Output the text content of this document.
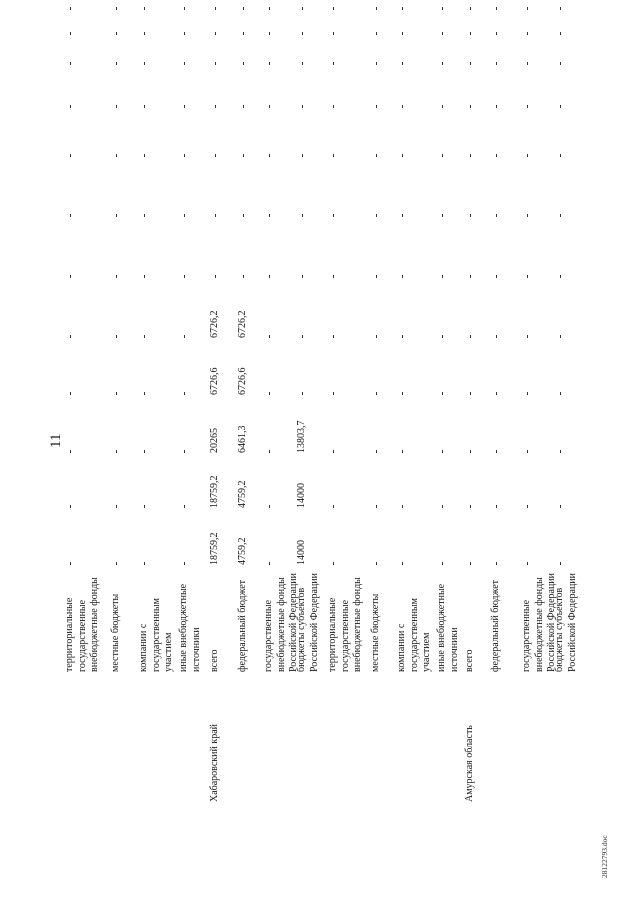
11
28122793.doc
территориальные государственные внебюджетные фонды местные бюджеты компании с государственным участием иные внебюджетные источники
Хабаровский край
всего
18759,2
18759,2
20265
6726,6
6726,2
федеральный бюджет
4759,2
4759,2
6461,3
6726,6
6726,2
государственные внебюджетные фонды Российской Федерации
бюджеты субъектов Российской Федерации
14000
14000
13803,7
территориальные государственные внебюджетные фонды местные бюджеты компании с государственным участием иные внебюджетные источники
Амурская область
всего федеральный бюджет государственные внебюджетные фонды Российской Федерации
бюджеты субъектов Российской Федерации
